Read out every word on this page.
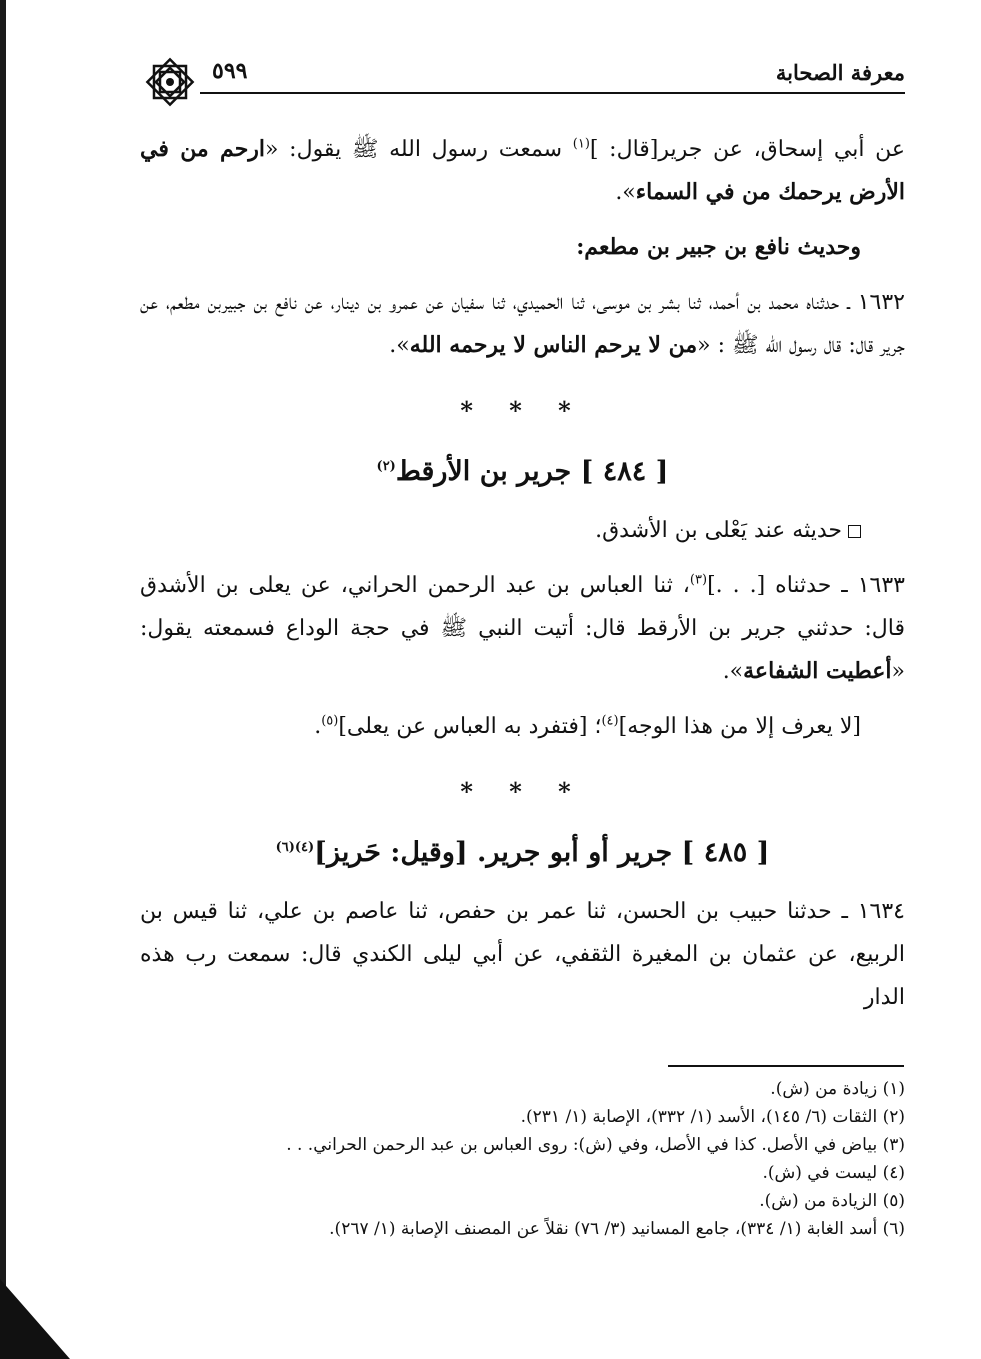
٥٩٩	معرفة الصحابة

عن أبي إسحاق، عن جرير[قال: ]$^{(١)}$ سمعت رسول الله ﷺ يقول: «ارحم من في الأرض يرحمك من في السماء».

وحديث نافع بن جبير بن مطعم:

١٦٣٢ ـ حدثناه محمد بن أحمد، ثنا بشر بن موسى، ثنا الحميدي، ثنا سفيان عن عمرو بن دينار، عن نافع بن جبيربن مطعم، عن جرير قال: قال رسول الله ﷺ : «من لا يرحم الناس لا يرحمه الله».

* * *
[ ٤٨٤ ] جرير بن الأرقط$^{(٢)}$

حديثه عند يَعْلى بن الأشدق.

١٦٣٣ ـ حدثناه [. . .]$^{(٣)}$، ثنا العباس بن عبد الرحمن الحراني، عن يعلى بن الأشدق قال: حدثني جرير بن الأرقط قال: أتيت النبي ﷺ في حجة الوداع فسمعته يقول: «أعطيت الشفاعة».

[لا يعرف إلا من هذا الوجه]$^{(٤)}$؛ [فتفرد به العباس عن يعلى]$^{(٥)}$.

* * *
[ ٤٨٥ ] جرير أو أبو جرير. [وقيل: حَريز]$^{(٤)(٦)}$

١٦٣٤ ـ حدثنا حبيب بن الحسن، ثنا عمر بن حفص، ثنا عاصم بن علي، ثنا قيس بن الربيع، عن عثمان بن المغيرة الثقفي، عن أبي ليلى الكندي قال: سمعت رب هذه الدار

(١) زيادة من (ش).

(٢) الثقات (٦/ ١٤٥)، الأسد (١/ ٣٣٢)، الإصابة (١/ ٢٣١).

(٣) بياض في الأصل. كذا في الأصل، وفي (ش): روى العباس بن عبد الرحمن الحراني. . .

(٤) ليست في (ش).

(٥) الزيادة من (ش).

(٦) أسد الغابة (١/ ٣٣٤)، جامع المسانيد (٣/ ٧٦) نقلاً عن المصنف الإصابة (١/ ٢٦٧).
